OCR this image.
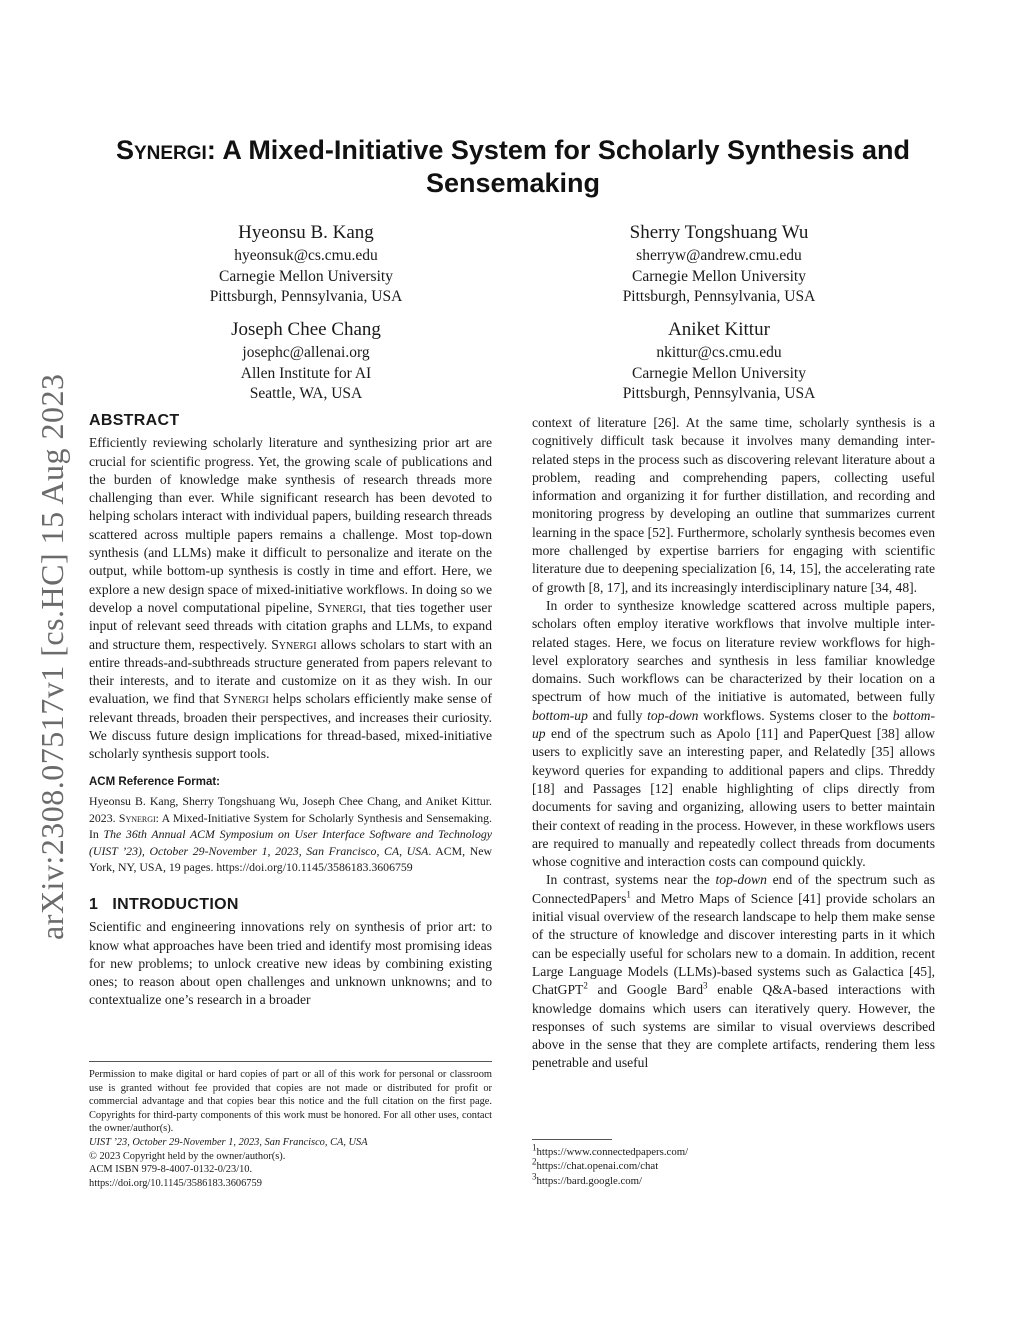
arXiv:2308.07517v1 [cs.HC] 15 Aug 2023
Synergi: A Mixed-Initiative System for Scholarly Synthesis and
Sensemaking
Hyeonsu B. Kang
hyeonsuk@cs.cmu.edu
Carnegie Mellon University
Pittsburgh, Pennsylvania, USA
Sherry Tongshuang Wu
sherryw@andrew.cmu.edu
Carnegie Mellon University
Pittsburgh, Pennsylvania, USA
Joseph Chee Chang
josephc@allenai.org
Allen Institute for AI
Seattle, WA, USA
Aniket Kittur
nkittur@cs.cmu.edu
Carnegie Mellon University
Pittsburgh, Pennsylvania, USA
ABSTRACT

Efficiently reviewing scholarly literature and synthesizing prior art are crucial for scientific progress. Yet, the growing scale of publications and the burden of knowledge make synthesis of research threads more challenging than ever. While significant research has been devoted to helping scholars interact with individual papers, building research threads scattered across multiple papers remains a challenge. Most top-down synthesis (and LLMs) make it difficult to personalize and iterate on the output, while bottom-up synthesis is costly in time and effort. Here, we explore a new design space of mixed-initiative workflows. In doing so we develop a novel computational pipeline, Synergi, that ties together user input of relevant seed threads with citation graphs and LLMs, to expand and structure them, respectively. Synergi allows scholars to start with an entire threads-and-subthreads structure generated from papers relevant to their interests, and to iterate and customize on it as they wish. In our evaluation, we find that Synergi helps scholars efficiently make sense of relevant threads, broaden their perspectives, and increases their curiosity. We discuss future design implications for thread-based, mixed-initiative scholarly synthesis support tools.

ACM Reference Format:
Hyeonsu B. Kang, Sherry Tongshuang Wu, Joseph Chee Chang, and Aniket Kittur. 2023. Synergi: A Mixed-Initiative System for Scholarly Synthesis and Sensemaking. In The 36th Annual ACM Symposium on User Interface Software and Technology (UIST ’23), October 29-November 1, 2023, San Francisco, CA, USA. ACM, New York, NY, USA, 19 pages. https://doi.org/10.1145/3586183.3606759
1   INTRODUCTION

Scientific and engineering innovations rely on synthesis of prior art: to know what approaches have been tried and identify most promising ideas for new problems; to unlock creative new ideas by combining existing ones; to reason about open challenges and unknown unknowns; and to contextualize one’s research in a broader

Permission to make digital or hard copies of part or all of this work for personal or classroom use is granted without fee provided that copies are not made or distributed for profit or commercial advantage and that copies bear this notice and the full citation on the first page. Copyrights for third-party components of this work must be honored. For all other uses, contact the owner/author(s).
UIST ’23, October 29-November 1, 2023, San Francisco, CA, USA
© 2023 Copyright held by the owner/author(s).
ACM ISBN 979-8-4007-0132-0/23/10.
https://doi.org/10.1145/3586183.3606759

context of literature [26]. At the same time, scholarly synthesis is a cognitively difficult task because it involves many demanding inter-related steps in the process such as discovering relevant literature about a problem, reading and comprehending papers, collecting useful information and organizing it for further distillation, and recording and monitoring progress by developing an outline that summarizes current learning in the space [52]. Furthermore, scholarly synthesis becomes even more challenged by expertise barriers for engaging with scientific literature due to deepening specialization [6, 14, 15], the accelerating rate of growth [8, 17], and its increasingly interdisciplinary nature [34, 48].

In order to synthesize knowledge scattered across multiple papers, scholars often employ iterative workflows that involve multiple inter-related stages. Here, we focus on literature review workflows for high-level exploratory searches and synthesis in less familiar knowledge domains. Such workflows can be characterized by their location on a spectrum of how much of the initiative is automated, between fully bottom-up and fully top-down workflows. Systems closer to the bottom-up end of the spectrum such as Apolo [11] and PaperQuest [38] allow users to explicitly save an interesting paper, and Relatedly [35] allows keyword queries for expanding to additional papers and clips. Threddy [18] and Passages [12] enable highlighting of clips directly from documents for saving and organizing, allowing users to better maintain their context of reading in the process. However, in these workflows users are required to manually and repeatedly collect threads from documents whose cognitive and interaction costs can compound quickly.

In contrast, systems near the top-down end of the spectrum such as ConnectedPapers$^1$ and Metro Maps of Science [41] provide scholars an initial visual overview of the research landscape to help them make sense of the structure of knowledge and discover interesting parts in it which can be especially useful for scholars new to a domain. In addition, recent Large Language Models (LLMs)-based systems such as Galactica [45], ChatGPT$^2$ and Google Bard$^3$ enable Q&A-based interactions with knowledge domains which users can iteratively query. However, the responses of such systems are similar to visual overviews described above in the sense that they are complete artifacts, rendering them less penetrable and useful

$^1$https://www.connectedpapers.com/
$^2$https://chat.openai.com/chat
$^3$https://bard.google.com/
